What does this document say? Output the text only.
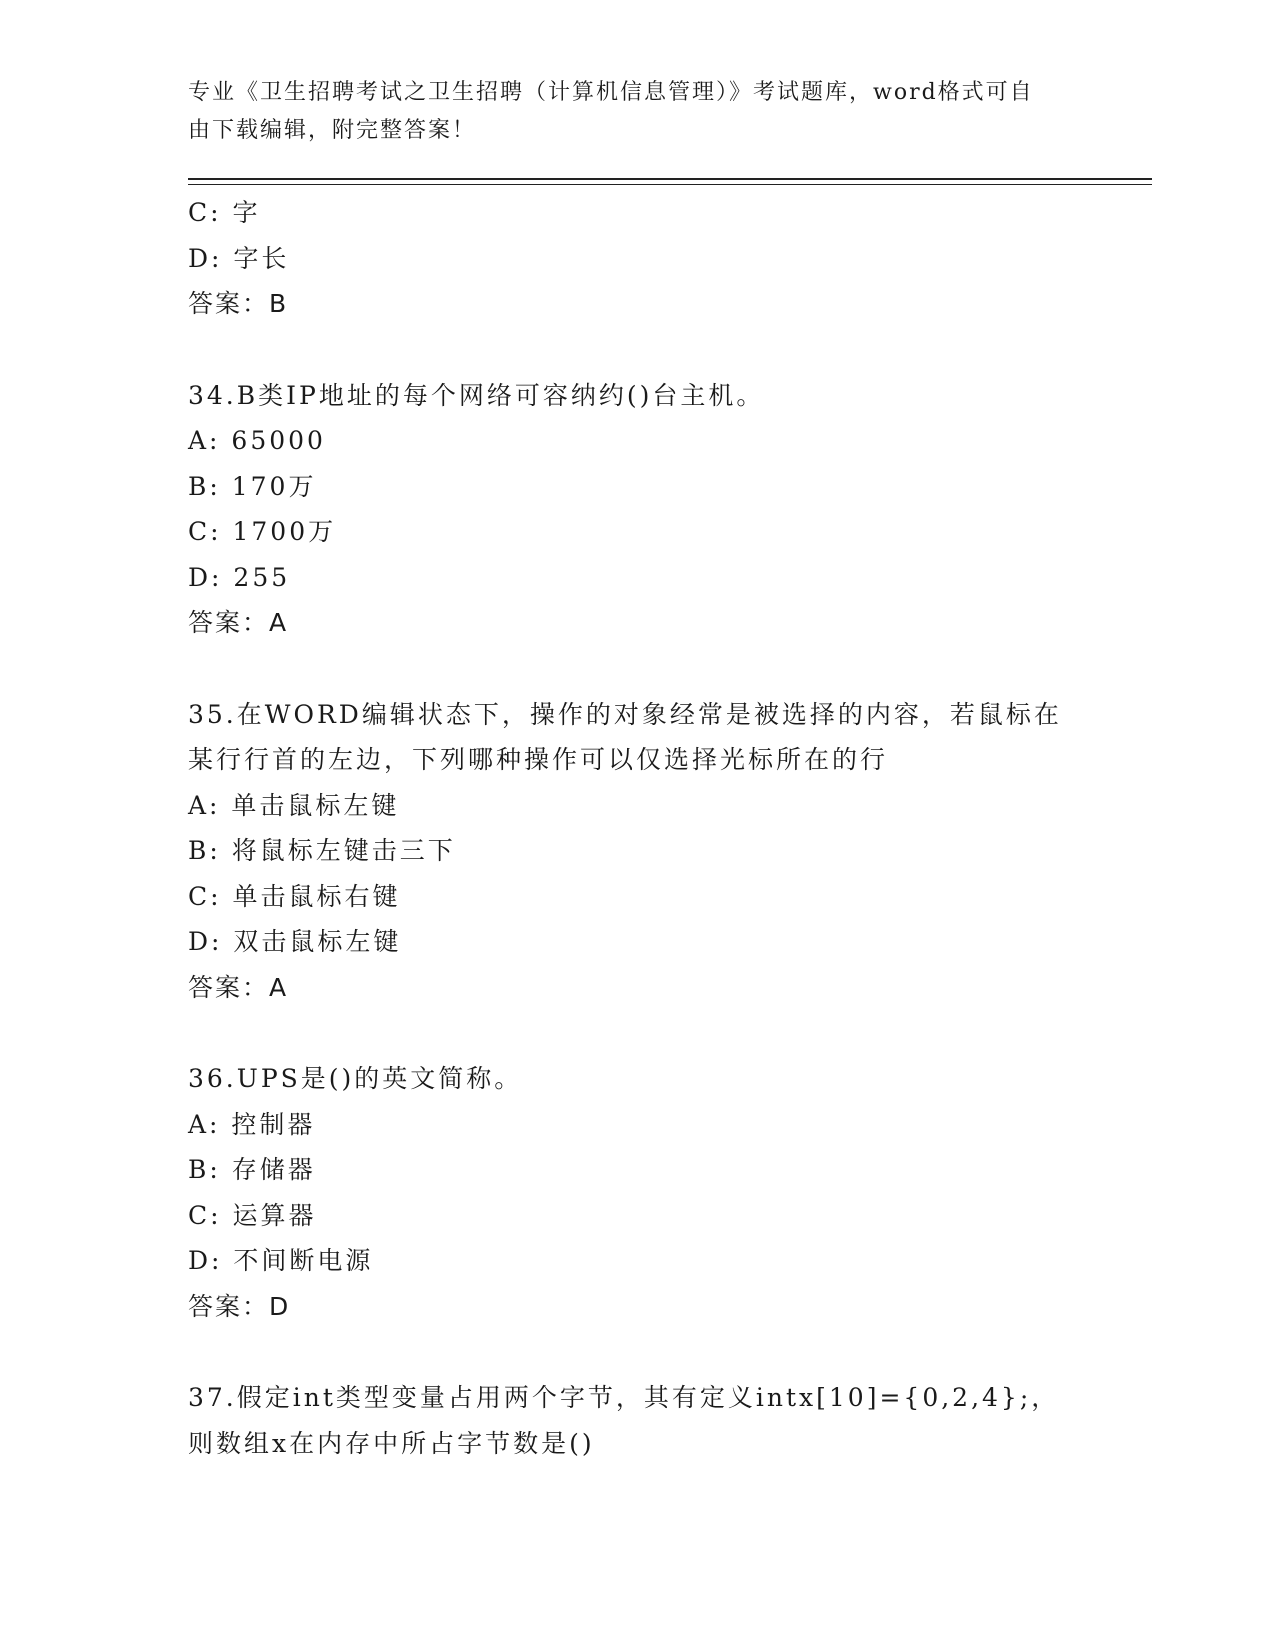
专业《卫生招聘考试之卫生招聘（计算机信息管理）》考试题库，word格式可自
由下载编辑，附完整答案！
C: 字
D: 字长
答案：B
34.B类IP地址的每个网络可容纳约()台主机。
A: 65000
B: 170万
C: 1700万
D: 255
答案：A
35.在WORD编辑状态下，操作的对象经常是被选择的内容，若鼠标在
某行行首的左边，下列哪种操作可以仅选择光标所在的行
A: 单击鼠标左键
B: 将鼠标左键击三下
C: 单击鼠标右键
D: 双击鼠标左键
答案：A
36.UPS是()的英文简称。
A: 控制器
B: 存储器
C: 运算器
D: 不间断电源
答案：D
37.假定int类型变量占用两个字节，其有定义intx[10]={0,2,4};，
则数组x在内存中所占字节数是()
